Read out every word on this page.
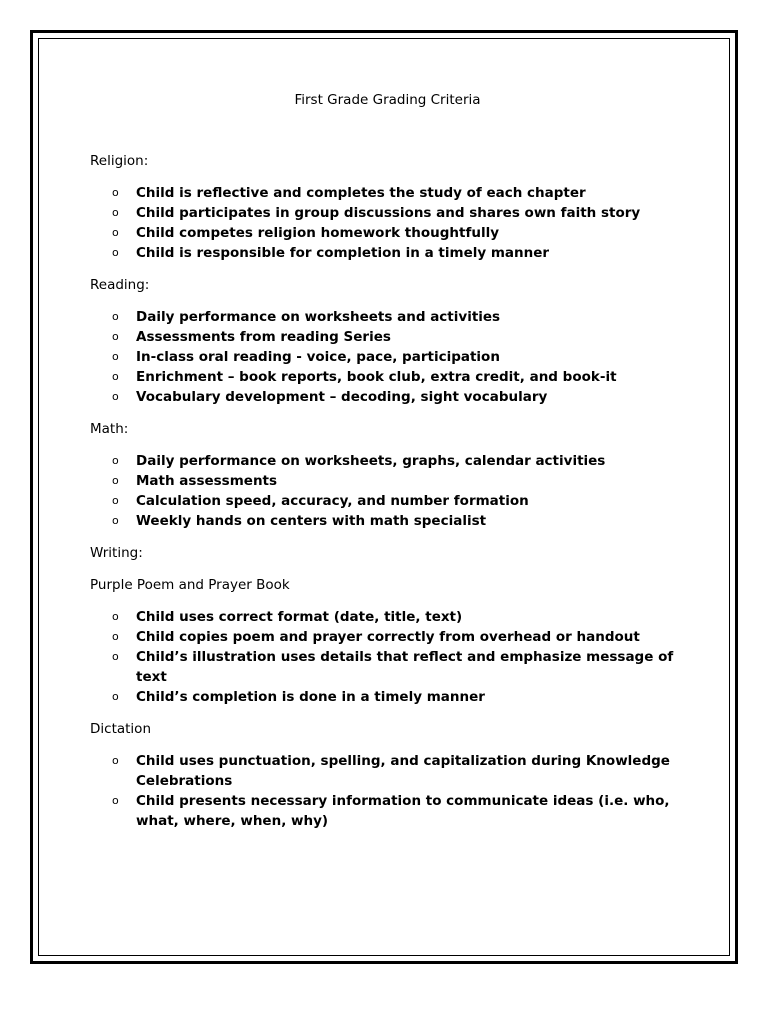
First Grade Grading Criteria
Religion:
o Child is reflective and completes the study of each chapter
o Child participates in group discussions and shares own faith story
o Child competes religion homework thoughtfully
o Child is responsible for completion in a timely manner
Reading:
o Daily performance on worksheets and activities
o Assessments from reading Series
o In-class oral reading - voice, pace, participation
o Enrichment – book reports, book club, extra credit, and book-it
o Vocabulary development – decoding, sight vocabulary
Math:
o Daily performance on worksheets, graphs, calendar activities
o Math assessments
o Calculation speed, accuracy, and number formation
o Weekly hands on centers with math specialist
Writing:
Purple Poem and Prayer Book
o Child uses correct format (date, title, text)
o Child copies poem and prayer correctly from overhead or handout
o Child’s illustration uses details that reflect and emphasize message of text
o Child’s completion is done in a timely manner
Dictation
o Child uses punctuation, spelling, and capitalization during Knowledge Celebrations
o Child presents necessary information to communicate ideas (i.e. who, what, where, when, why)
